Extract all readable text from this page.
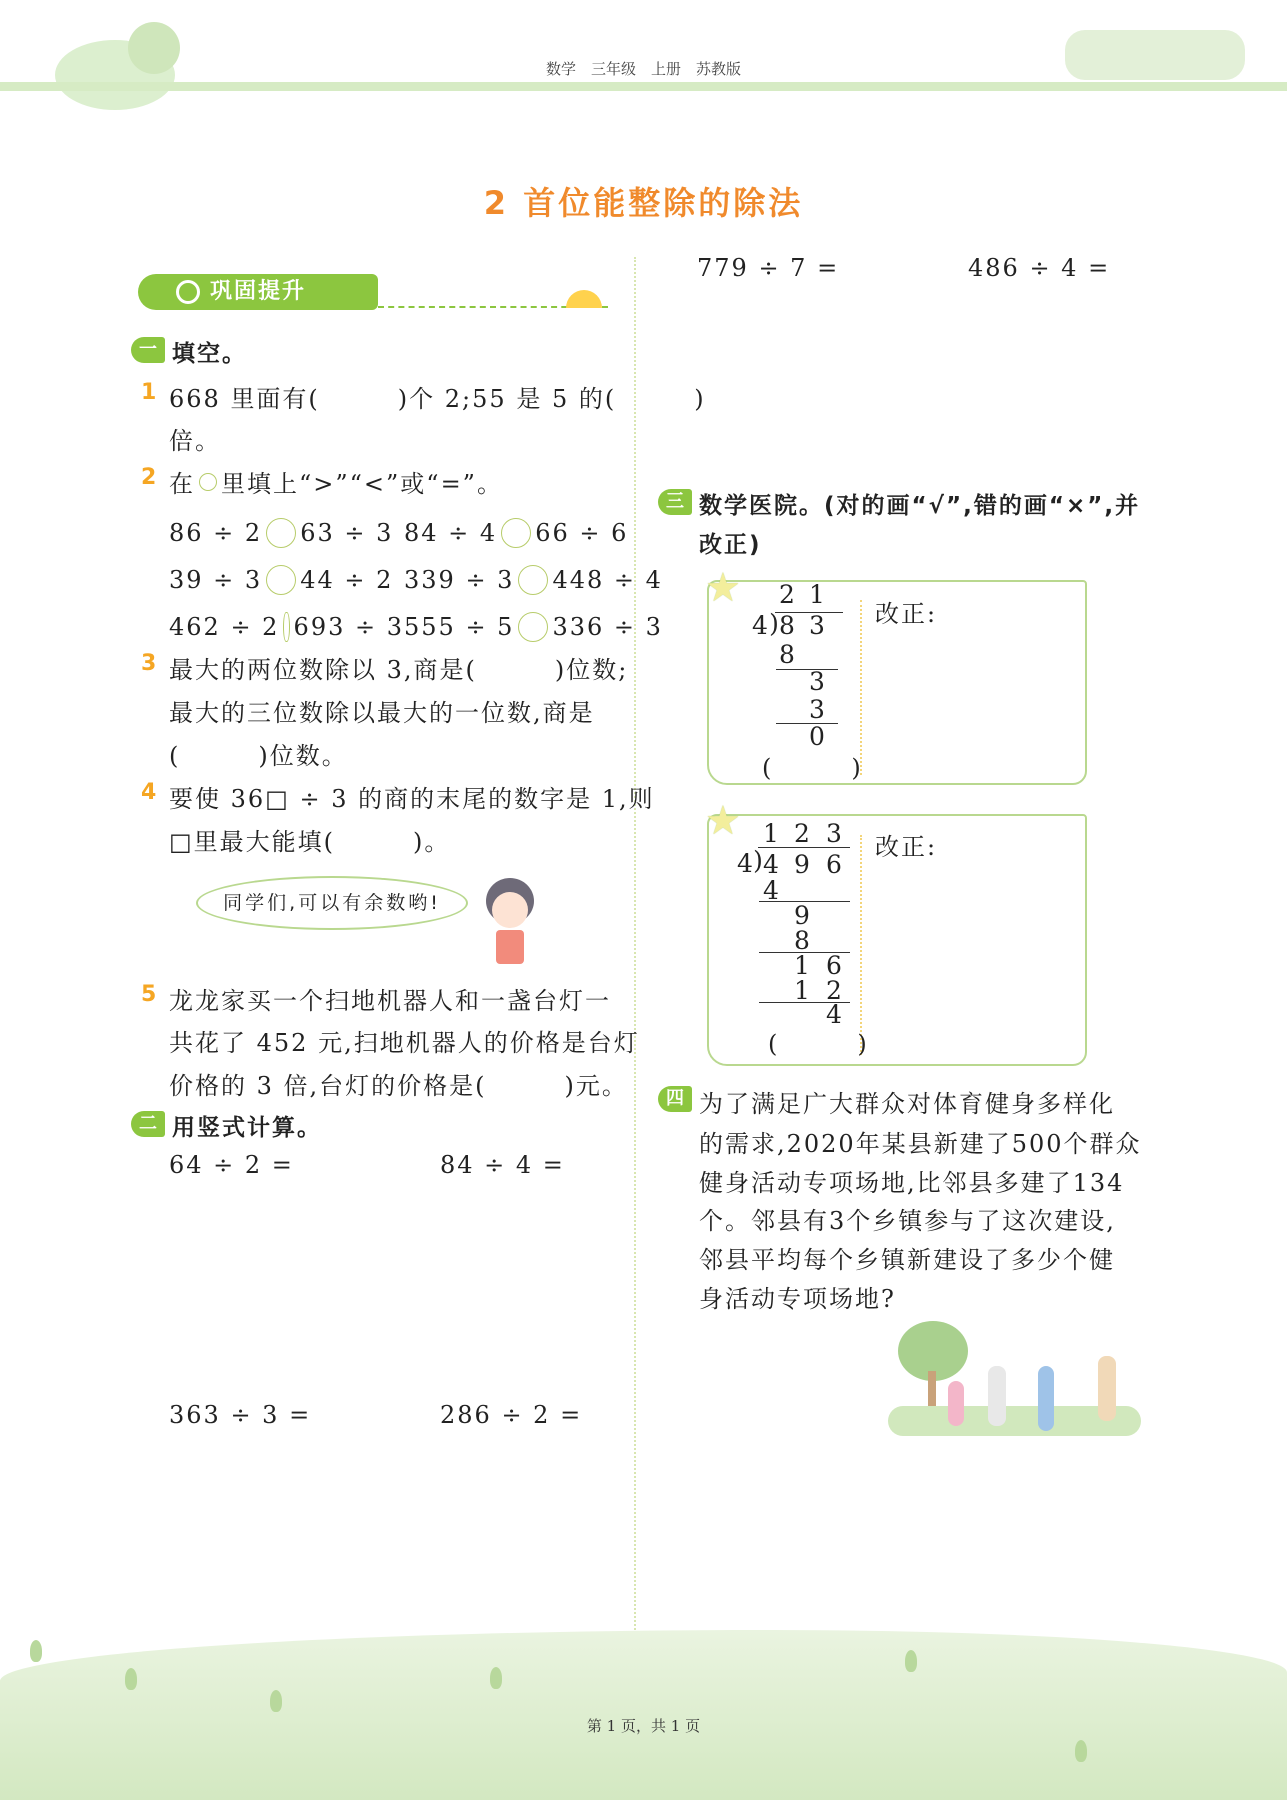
数学　三年级　上册　苏教版
2 首位能整除的除法
巩固提升
一 填空。
1 668 里面有(　　　)个 2;55 是 5 的(　　　)
倍。
2 在 里填上“>”“<”或“=”。
86 ÷ 2 63 ÷ 3 84 ÷ 4 66 ÷ 6
39 ÷ 3 44 ÷ 2 339 ÷ 3 448 ÷ 4
462 ÷ 2 693 ÷ 3 555 ÷ 5 336 ÷ 3
3 最大的两位数除以 3,商是(　　　)位数;
最大的三位数除以最大的一位数,商是
(　　　)位数。
4 要使 36□ ÷ 3 的商的末尾的数字是 1,则
□里最大能填(　　　)。
同学们,可以有余数哟!
5 龙龙家买一个扫地机器人和一盏台灯一
共花了 452 元,扫地机器人的价格是台灯
价格的 3 倍,台灯的价格是(　　　)元。
二 用竖式计算。
64 ÷ 2 =	84 ÷ 4 =
363 ÷ 3 =	286 ÷ 2 =
779 ÷ 7 =	486 ÷ 4 =
三 数学医院。(对的画“√”,错的画“×”,并
改正)
★
改正:
2 1
4 ) 8 3
8
3
3
0
(　　　)
★
改正:
1 2 3
4 ) 4 9 6
4
9
8
1 6
1 2
4
(　　　)
四 为了满足广大群众对体育健身多样化
的需求,2020年某县新建了500个群众
健身活动专项场地,比邻县多建了134
个。邻县有3个乡镇参与了这次建设,
邻县平均每个乡镇新建设了多少个健
身活动专项场地?
第 1 页，共 1 页
